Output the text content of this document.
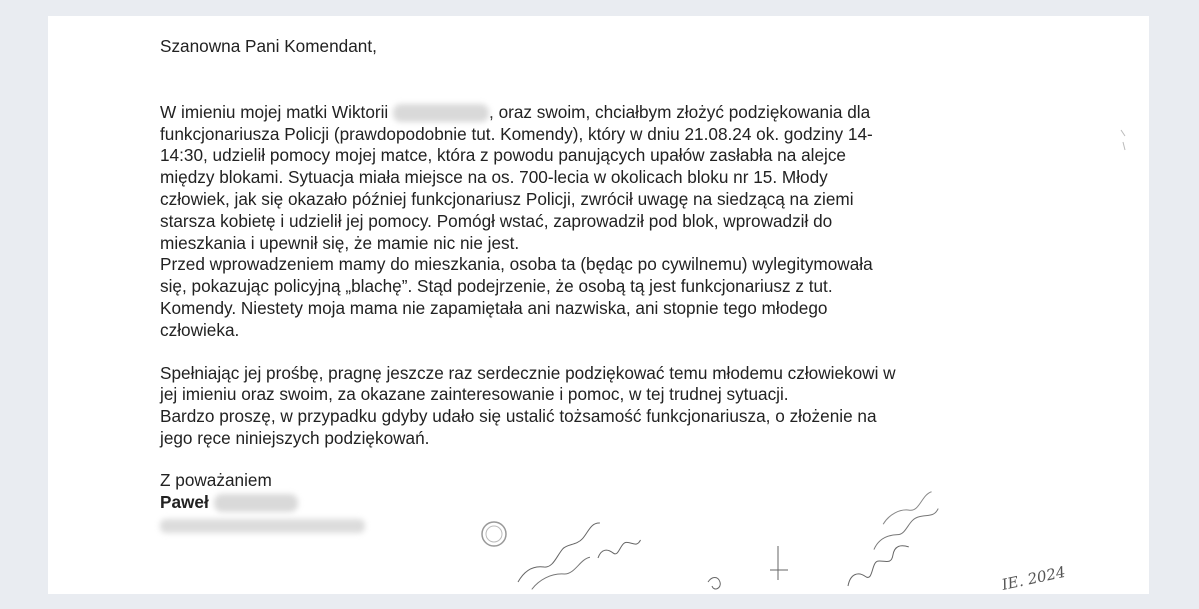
Szanowna Pani Komendant,

W imieniu mojej matki Wiktorii	, oraz swoim, chciałbym złożyć podziękowania dla
funkcjonariusza Policji (prawdopodobnie tut. Komendy), który w dniu 21.08.24 ok. godziny 14-
14:30, udzielił pomocy mojej matce, która z powodu panujących upałów zasłabła na alejce
między blokami. Sytuacja miała miejsce na os. 700-lecia w okolicach bloku nr 15. Młody
człowiek, jak się okazało później funkcjonariusz Policji, zwrócił uwagę na siedzącą na ziemi
starsza kobietę i udzielił jej pomocy. Pomógł wstać, zaprowadził pod blok, wprowadził do
mieszkania i upewnił się, że mamie nic nie jest.
Przed wprowadzeniem mamy do mieszkania, osoba ta (będąc po cywilnemu) wylegitymowała
się, pokazując policyjną „blachę”. Stąd podejrzenie, że osobą tą jest funkcjonariusz z tut.
Komendy. Niestety moja mama nie zapamiętała ani nazwiska, ani stopnie tego młodego
człowieka.

Spełniając jej prośbę, pragnę jeszcze raz serdecznie podziękować temu młodemu człowiekowi w
jej imieniu oraz swoim, za okazane zainteresowanie i pomoc, w tej trudnej sytuacji.
Bardzo proszę, w przypadku gdyby udało się ustalić tożsamość funkcjonariusza, o złożenie na
jego ręce niniejszych podziękowań.

Z poważaniem
Paweł
IE. 2024
